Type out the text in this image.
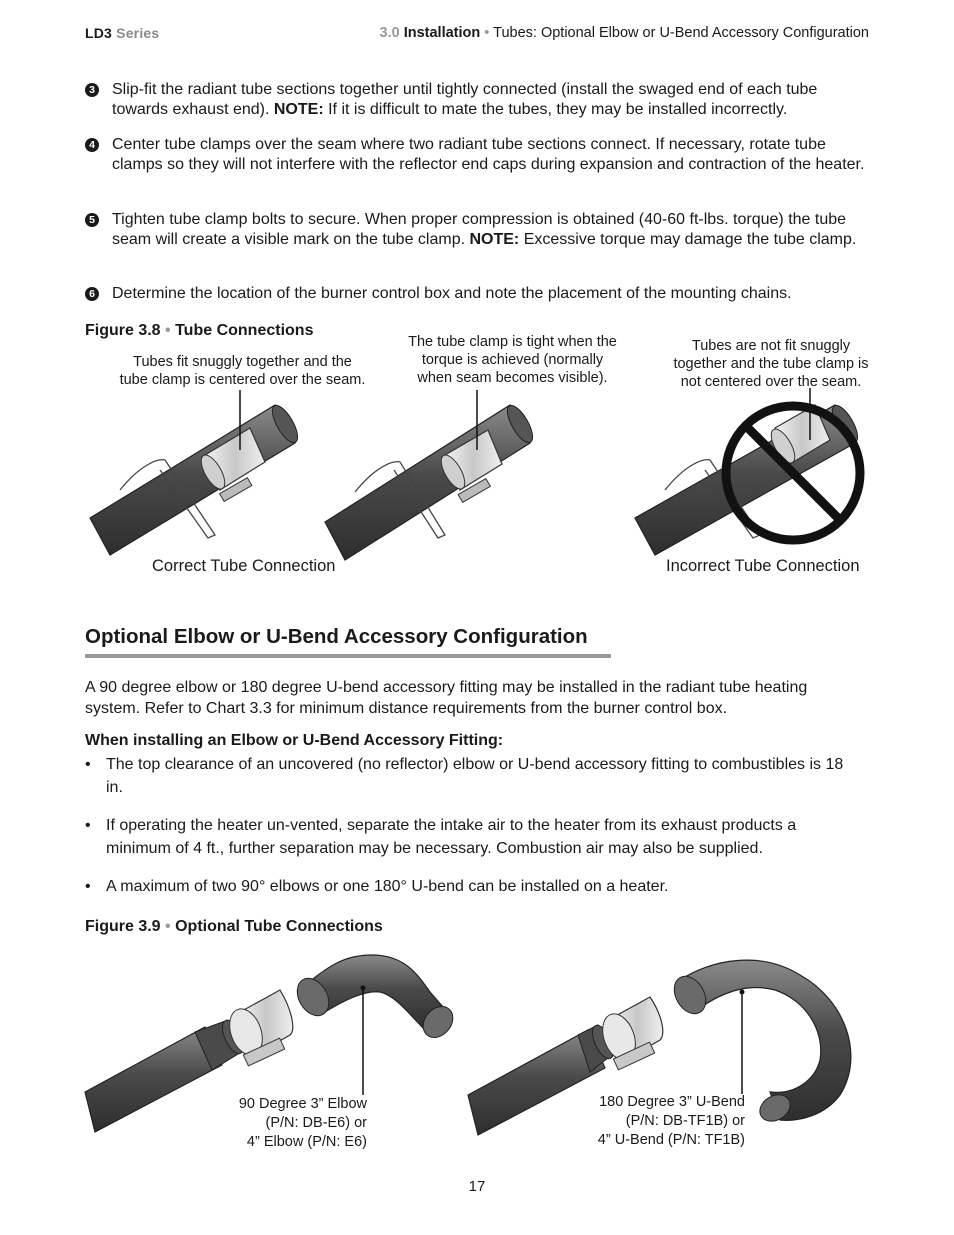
LD3 Series	3.0 Installation • Tubes: Optional Elbow or U-Bend Accessory Configuration
3 Slip-fit the radiant tube sections together until tightly connected (install the swaged end of each tube towards exhaust end). NOTE: If it is difficult to mate the tubes, they may be installed incorrectly.
4 Center tube clamps over the seam where two radiant tube sections connect. If necessary, rotate tube clamps so they will not interfere with the reflector end caps during expansion and contraction of the heater.
5 Tighten tube clamp bolts to secure. When proper compression is obtained (40-60 ft-lbs. torque) the tube seam will create a visible mark on the tube clamp. NOTE: Excessive torque may damage the tube clamp.
6 Determine the location of the burner control box and note the placement of the mounting chains.
Figure 3.8 • Tube Connections
Tubes fit snuggly together and the
tube clamp is centered over the seam.
The tube clamp is tight when the
torque is achieved (normally
when seam becomes visible).
Tubes are not fit snuggly
together and the tube clamp is
not centered over the seam.
Correct Tube Connection	Incorrect Tube Connection
Optional Elbow or U-Bend Accessory Configuration
A 90 degree elbow or 180 degree U-bend accessory fitting may be installed in the radiant tube heating system. Refer to Chart 3.3 for minimum distance requirements from the burner control box.
When installing an Elbow or U-Bend Accessory Fitting:
• The top clearance of an uncovered (no reflector) elbow or U-bend accessory fitting to combustibles is 18 in.
• If operating the heater un-vented, separate the intake air to the heater from its exhaust products a minimum of 4 ft., further separation may be necessary. Combustion air may also be supplied.
• A maximum of two 90° elbows or one 180° U-bend can be installed on a heater.
Figure 3.9 • Optional Tube Connections
90 Degree 3” Elbow
(P/N: DB-E6) or
4” Elbow (P/N: E6)
180 Degree 3” U-Bend
(P/N: DB-TF1B) or
4” U-Bend (P/N: TF1B)
17
